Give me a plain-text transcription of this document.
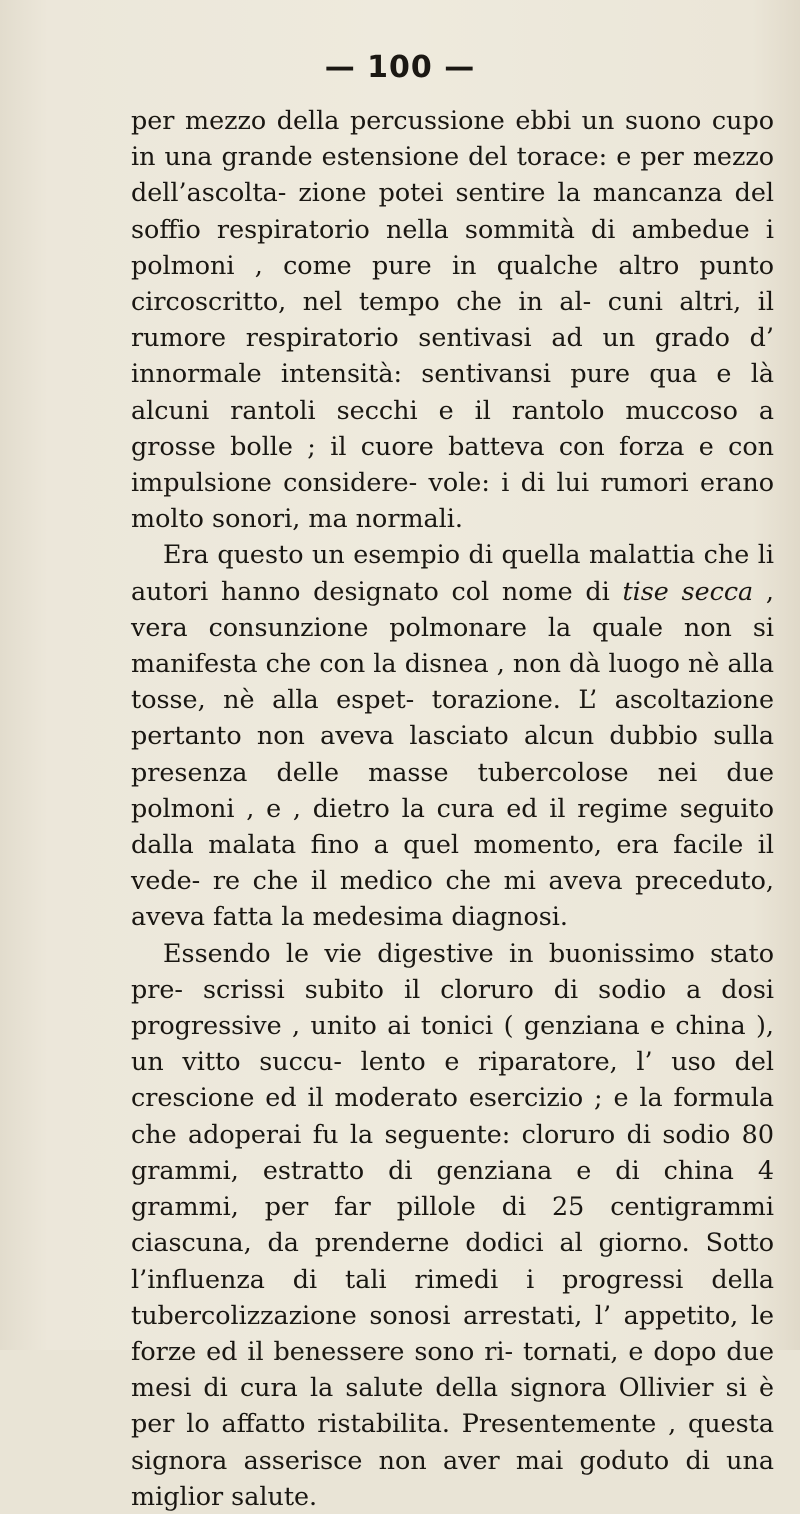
— 100 —

per mezzo della percussione ebbi un suono cupo in una grande estensione del torace: e per mezzo dell’ascolta- zione potei sentire la mancanza del soffio respiratorio nella sommità di ambedue i polmoni , come pure in qualche altro punto circoscritto, nel tempo che in al- cuni altri, il rumore respiratorio sentivasi ad un grado d’ innormale intensità: sentivansi pure qua e là alcuni rantoli secchi e il rantolo muccoso a grosse bolle ; il cuore batteva con forza e con impulsione considere- vole: i di lui rumori erano molto sonori, ma normali.

Era questo un esempio di quella malattia che li autori hanno designato col nome di tise secca , vera consunzione polmonare la quale non si manifesta che con la disnea , non dà luogo nè alla tosse, nè alla espet- torazione. L’ ascoltazione pertanto non aveva lasciato alcun dubbio sulla presenza delle masse tubercolose nei due polmoni , e , dietro la cura ed il regime seguito dalla malata fino a quel momento, era facile il vede- re che il medico che mi aveva preceduto, aveva fatta la medesima diagnosi.

Essendo le vie digestive in buonissimo stato pre- scrissi subito il cloruro di sodio a dosi progressive , unito ai tonici ( genziana e china ), un vitto succu- lento e riparatore, l’ uso del crescione ed il moderato esercizio ; e la formula che adoperai fu la seguente: cloruro di sodio 80 grammi, estratto di genziana e di china 4 grammi, per far pillole di 25 centigrammi ciascuna, da prenderne dodici al giorno. Sotto l’influenza di tali rimedi i progressi della tubercolizzazione sonosi arrestati, l’ appetito, le forze ed il benessere sono ri- tornati, e dopo due mesi di cura la salute della signora Ollivier si è per lo affatto ristabilita. Presentemente , questa signora asserisce non aver mai goduto di una miglior salute.
